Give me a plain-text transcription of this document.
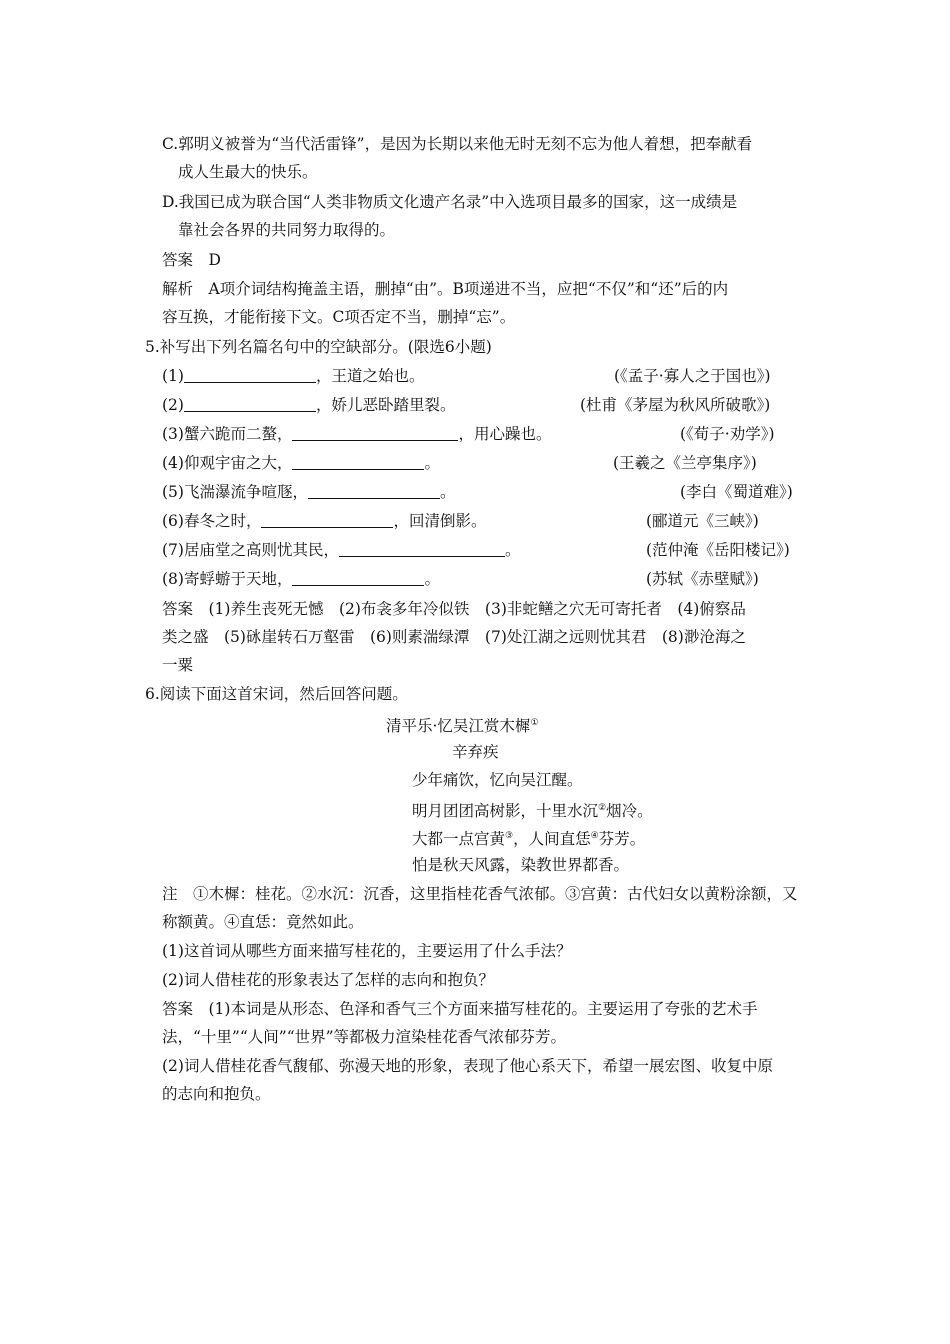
C.郭明义被誉为“当代活雷锋”，是因为长期以来他无时无刻不忘为他人着想，把奉献看
成人生最大的快乐。
D.我国已成为联合国“人类非物质文化遗产名录”中入选项目最多的国家，这一成绩是
靠社会各界的共同努力取得的。
答案　D
解析　A项介词结构掩盖主语，删掉“由”。B项递进不当，应把“不仅”和“还”后的内
容互换，才能衔接下文。C项否定不当，删掉“忘”。
5.补写出下列名篇名句中的空缺部分。(限选6小题)
(1)	，王道之始也。	(《孟子·寡人之于国也》)
(2)	，娇儿恶卧踏里裂。	(杜甫《茅屋为秋风所破歌》)
(3)蟹六跪而二螯，	，用心躁也。	(《荀子·劝学》)
(4)仰观宇宙之大，	。	(王羲之《兰亭集序》)
(5)飞湍瀑流争喧豗，	。	(李白《蜀道难》)
(6)春冬之时，	，回清倒影。	(郦道元《三峡》)
(7)居庙堂之高则忧其民，	。	(范仲淹《岳阳楼记》)
(8)寄蜉蝣于天地，	。	(苏轼《赤壁赋》)
答案　(1)养生丧死无憾　(2)布衾多年冷似铁　(3)非蛇鳝之穴无可寄托者　(4)俯察品
类之盛　(5)砯崖转石万壑雷　(6)则素湍绿潭　(7)处江湖之远则忧其君　(8)渺沧海之
一粟
6.阅读下面这首宋词，然后回答问题。
清平乐·忆吴江赏木樨①
辛弃疾
少年痛饮，忆向吴江醒。
明月团团高树影，十里水沉②烟冷。
大都一点宫黄③，人间直恁④芬芳。
怕是秋天风露，染教世界都香。
注　①木樨：桂花。②水沉：沉香，这里指桂花香气浓郁。③宫黄：古代妇女以黄粉涂额，又
称额黄。④直恁：竟然如此。
(1)这首词从哪些方面来描写桂花的，主要运用了什么手法？
(2)词人借桂花的形象表达了怎样的志向和抱负？
答案　(1)本词是从形态、色泽和香气三个方面来描写桂花的。主要运用了夸张的艺术手
法，“十里”“人间”“世界”等都极力渲染桂花香气浓郁芬芳。
(2)词人借桂花香气馥郁、弥漫天地的形象，表现了他心系天下，希望一展宏图、收复中原
的志向和抱负。
